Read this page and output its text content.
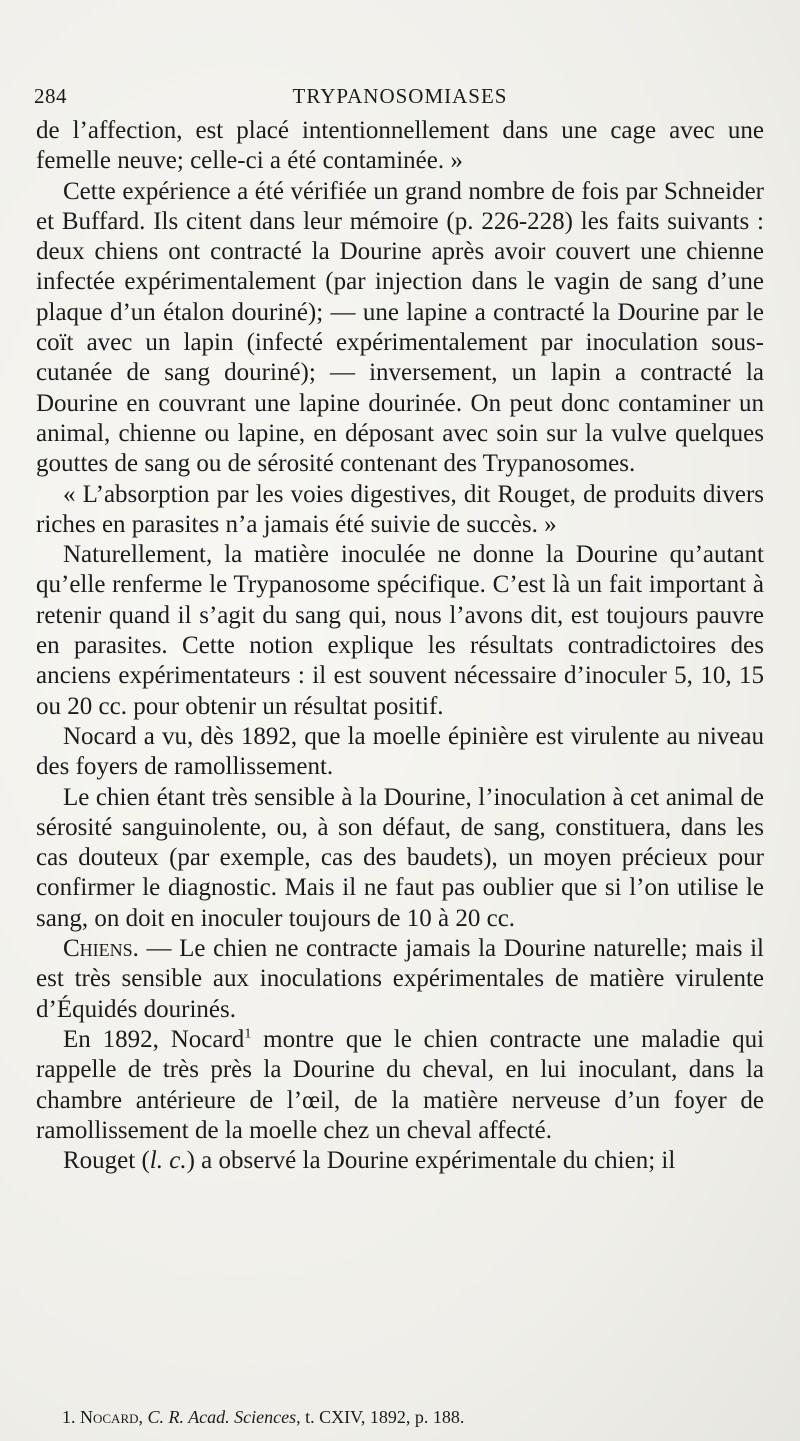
TRYPANOSOMIASES
284

de l’affection, est placé intentionnellement dans une cage avec une femelle neuve; celle-ci a été contaminée. »

Cette expérience a été vérifiée un grand nombre de fois par Schneider et Buffard. Ils citent dans leur mémoire (p. 226-228) les faits suivants : deux chiens ont contracté la Dourine après avoir couvert une chienne infectée expérimentalement (par injection dans le vagin de sang d’une plaque d’un étalon douriné); — une lapine a contracté la Dourine par le coït avec un lapin (infecté expérimentalement par inoculation sous-cutanée de sang douriné); — inversement, un lapin a contracté la Dourine en couvrant une lapine dourinée. On peut donc contaminer un animal, chienne ou lapine, en déposant avec soin sur la vulve quelques gouttes de sang ou de sérosité contenant des Trypanosomes.

« L’absorption par les voies digestives, dit Rouget, de produits divers riches en parasites n’a jamais été suivie de succès. »

Naturellement, la matière inoculée ne donne la Dourine qu’autant qu’elle renferme le Trypanosome spécifique. C’est là un fait important à retenir quand il s’agit du sang qui, nous l’avons dit, est toujours pauvre en parasites. Cette notion explique les résultats contradictoires des anciens expérimentateurs : il est souvent nécessaire d’inoculer 5, 10, 15 ou 20 cc. pour obtenir un résultat positif.

Nocard a vu, dès 1892, que la moelle épinière est virulente au niveau des foyers de ramollissement.

Le chien étant très sensible à la Dourine, l’inoculation à cet animal de sérosité sanguinolente, ou, à son défaut, de sang, constituera, dans les cas douteux (par exemple, cas des baudets), un moyen précieux pour confirmer le diagnostic. Mais il ne faut pas oublier que si l’on utilise le sang, on doit en inoculer toujours de 10 à 20 cc.

Chiens. — Le chien ne contracte jamais la Dourine naturelle; mais il est très sensible aux inoculations expérimentales de matière virulente d’Équidés dourinés.

En 1892, Nocard$^1$ montre que le chien contracte une maladie qui rappelle de très près la Dourine du cheval, en lui inoculant, dans la chambre antérieure de l’œil, de la matière nerveuse d’un foyer de ramollissement de la moelle chez un cheval affecté.

Rouget (l. c.) a observé la Dourine expérimentale du chien; il

1. Nocard, C. R. Acad. Sciences, t. CXIV, 1892, p. 188.
